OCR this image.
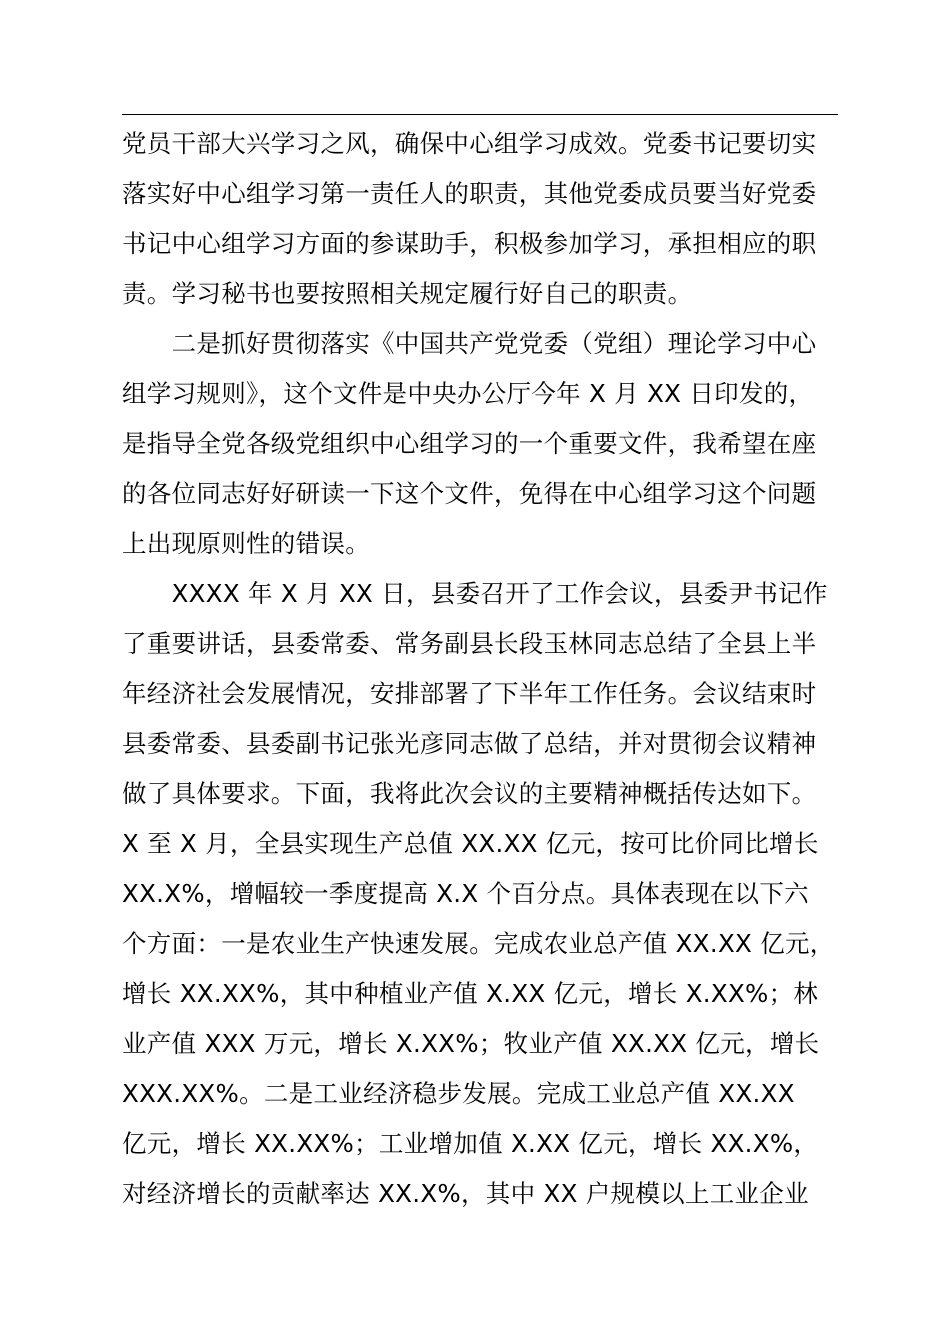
党员干部大兴学习之风，确保中心组学习成效。党委书记要切实
落实好中心组学习第一责任人的职责，其他党委成员要当好党委
书记中心组学习方面的参谋助手，积极参加学习，承担相应的职
责。学习秘书也要按照相关规定履行好自己的职责。
　　二是抓好贯彻落实《中国共产党党委（党组）理论学习中心
组学习规则》，这个文件是中央办公厅今年 X 月 XX 日印发的，
是指导全党各级党组织中心组学习的一个重要文件，我希望在座
的各位同志好好研读一下这个文件，免得在中心组学习这个问题
上出现原则性的错误。
　　XXXX 年 X 月 XX 日，县委召开了工作会议，县委尹书记作
了重要讲话，县委常委、常务副县长段玉林同志总结了全县上半
年经济社会发展情况，安排部署了下半年工作任务。会议结束时
县委常委、县委副书记张光彦同志做了总结，并对贯彻会议精神
做了具体要求。下面，我将此次会议的主要精神概括传达如下。
X 至 X 月，全县实现生产总值 XX.XX 亿元，按可比价同比增长
XX.X%，增幅较一季度提高 X.X 个百分点。具体表现在以下六
个方面：一是农业生产快速发展。完成农业总产值 XX.XX 亿元，
增长 XX.XX%，其中种植业产值 X.XX 亿元，增长 X.XX%；林
业产值 XXX 万元，增长 X.XX%；牧业产值 XX.XX 亿元，增长
XXX.XX%。二是工业经济稳步发展。完成工业总产值 XX.XX
亿元，增长 XX.XX%；工业增加值 X.XX 亿元，增长 XX.X%，
对经济增长的贡献率达 XX.X%，其中 XX 户规模以上工业企业
